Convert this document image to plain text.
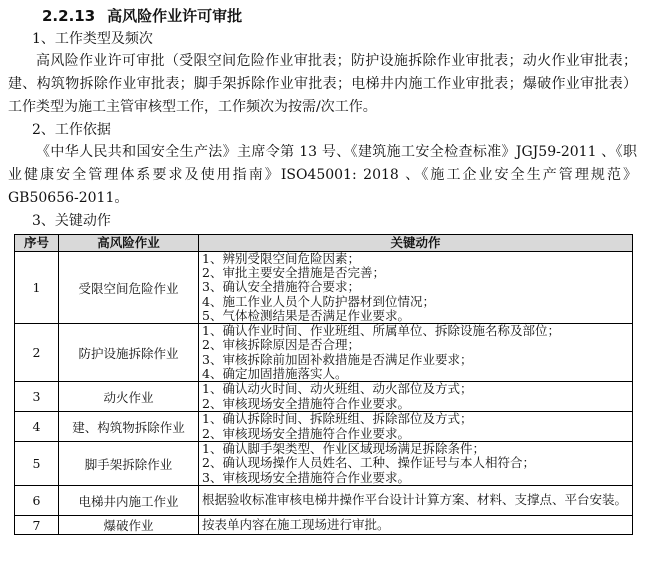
2.2.13 高风险作业许可审批
1、工作类型及频次

高风险作业许可审批（受限空间危险作业审批表；防护设施拆除作业审批表；动火作业审批表；建、构筑物拆除作业审批表；脚手架拆除作业审批表；电梯井内施工作业审批表；爆破作业审批表）工作类型为施工主管审核型工作，工作频次为按需/次工作。

2、工作依据

《中华人民共和国安全生产法》主席令第 13 号、《建筑施工安全检查标准》JGJ59-2011 、《职业健康安全管理体系要求及使用指南》ISO45001: 2018 、《施工企业安全生产管理规范》GB50656-2011。

3、关键动作
序号	高风险作业	关键动作
1	受限空间危险作业	1、辨别受限空间危险因素；
2、审批主要安全措施是否完善；
3、确认安全措施符合要求；
4、施工作业人员个人防护器材到位情况；
5、气体检测结果是否满足作业要求。

2	防护设施拆除作业	1、确认作业时间、作业班组、所属单位、拆除设施名称及部位；
2、审核拆除原因是否合理；
3、审核拆除前加固补救措施是否满足作业要求；
4、确定加固措施落实人。

3	动火作业	1、确认动火时间、动火班组、动火部位及方式；
2、审核现场安全措施符合作业要求。

4	建、构筑物拆除作业	1、确认拆除时间、拆除班组、拆除部位及方式；
2、审核现场安全措施符合作业要求。

5	脚手架拆除作业	1、确认脚手架类型、作业区域现场满足拆除条件；
2、确认现场操作人员姓名、工种、操作证号与本人相符合；
3、审核现场安全措施符合作业要求。

6	电梯井内施工作业	根据验收标准审核电梯井操作平台设计计算方案、材料、支撑点、平台安装。

7	爆破作业	按表单内容在施工现场进行审批。
